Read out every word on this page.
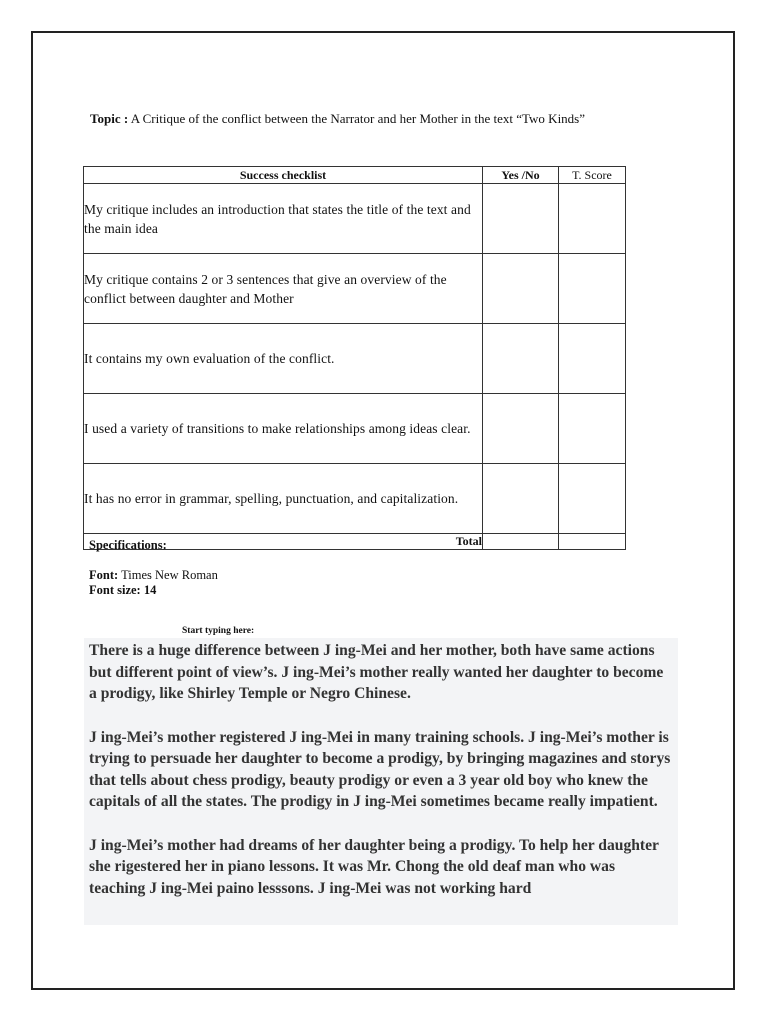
Topic : A Critique of the conflict between the Narrator and her Mother in the text “Two Kinds”
Success checklist	Yes /No	T. Score
My critique includes an introduction that states the title of the text and the main idea		
My critique contains 2 or 3 sentences that give an overview of the conflict between daughter and Mother		
It contains my own evaluation of the conflict.		
I used a variety of transitions to make relationships among ideas clear.		
It has no error in grammar, spelling, punctuation, and capitalization.		
Total		
Specifications:
Font: Times New Roman
Font size: 14
Start typing here:

There is a huge difference between J ing-Mei and her mother, both have same actions but different point of view’s. J ing-Mei’s mother really wanted her daughter to become a prodigy, like Shirley Temple or Negro Chinese.

J ing-Mei’s mother registered J ing-Mei in many training schools. J ing-Mei’s mother is trying to persuade her daughter to become a prodigy, by bringing magazines and storys that tells about chess prodigy, beauty prodigy or even a 3 year old boy who knew the capitals of all the states. The prodigy in J ing-Mei sometimes became really impatient.

J ing-Mei’s mother had dreams of her daughter being a prodigy. To help her daughter she rigestered her in piano lessons. It was Mr. Chong the old deaf man who was teaching J ing-Mei paino lesssons. J ing-Mei was not working hard
